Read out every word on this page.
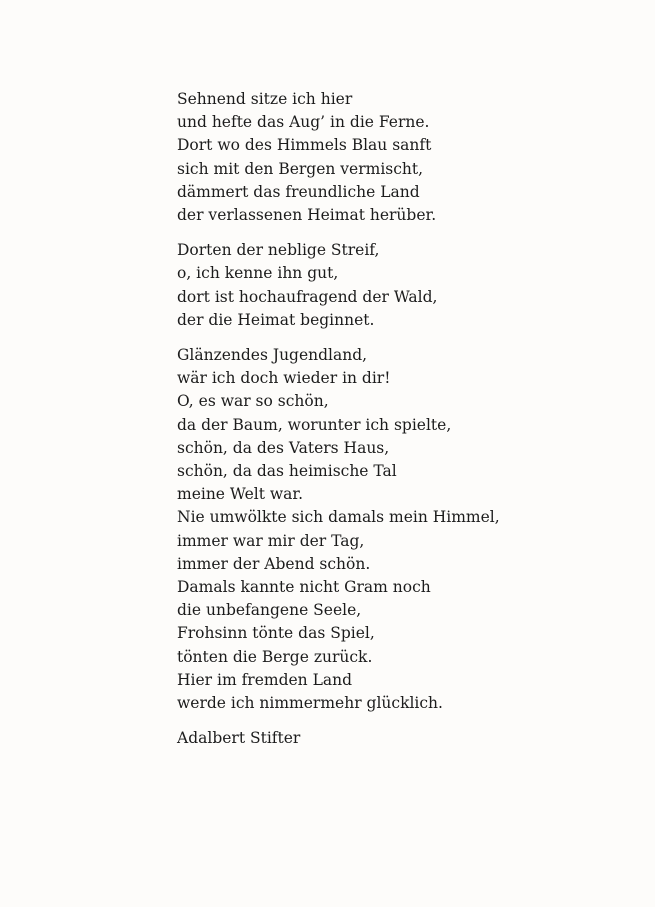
Sehnend sitze ich hier
und hefte das Aug’ in die Ferne.
Dort wo des Himmels Blau sanft
sich mit den Bergen vermischt,
dämmert das freundliche Land
der verlassenen Heimat herüber.
Dorten der neblige Streif,
o, ich kenne ihn gut,
dort ist hochaufragend der Wald,
der die Heimat beginnet.
Glänzendes Jugendland,
wär ich doch wieder in dir!
O, es war so schön,
da der Baum, worunter ich spielte,
schön, da des Vaters Haus,
schön, da das heimische Tal
meine Welt war.
Nie umwölkte sich damals mein Himmel,
immer war mir der Tag,
immer der Abend schön.
Damals kannte nicht Gram noch
die unbefangene Seele,
Frohsinn tönte das Spiel,
tönten die Berge zurück.
Hier im fremden Land
werde ich nimmermehr glücklich.
Adalbert Stifter
